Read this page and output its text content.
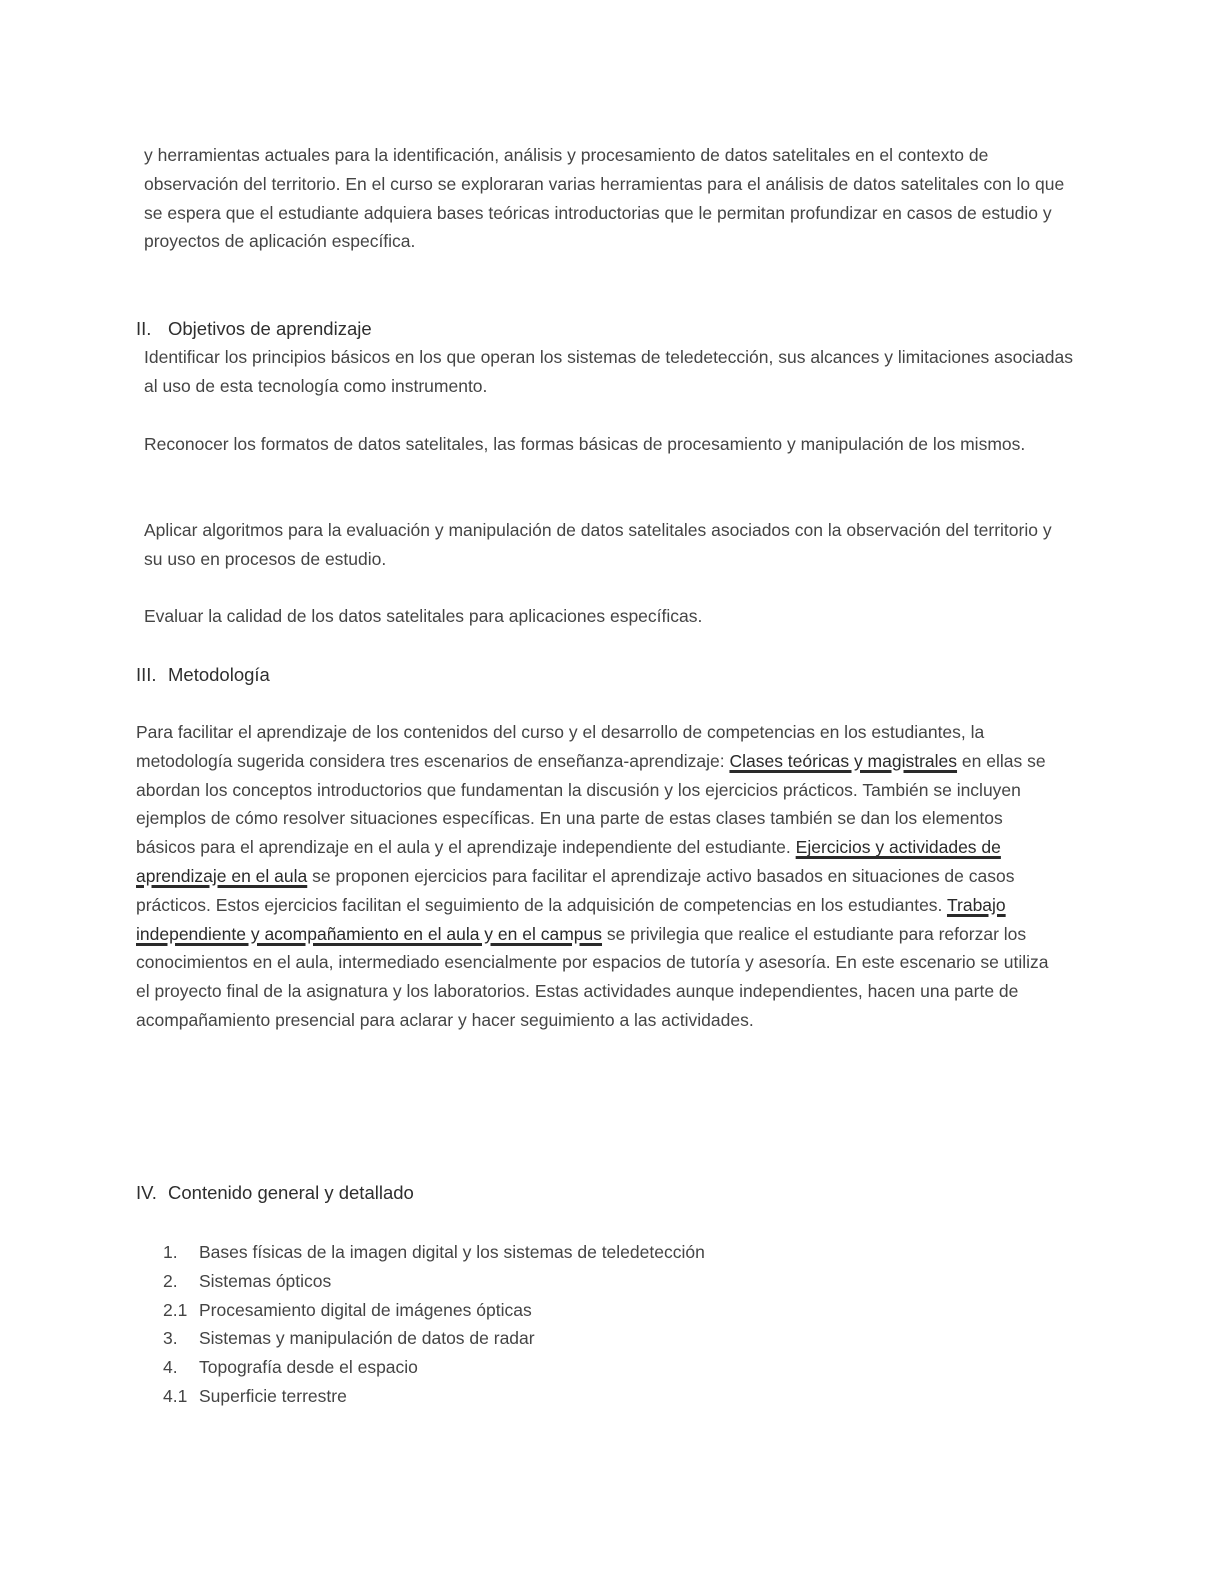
y herramientas actuales para la identificación, análisis y procesamiento de datos satelitales en el contexto de observación del territorio. En el curso se exploraran varias herramientas para el análisis de datos satelitales con lo que se espera que el estudiante adquiera bases teóricas introductorias que le permitan profundizar en casos de estudio y proyectos de aplicación específica.

II. Objetivos de aprendizaje

Identificar los principios básicos en los que operan los sistemas de teledetección, sus alcances y limitaciones asociadas al uso de esta tecnología como instrumento.

Reconocer los formatos de datos satelitales, las formas básicas de procesamiento y manipulación de los mismos.

Aplicar algoritmos para la evaluación y manipulación de datos satelitales asociados con la observación del territorio y su uso en procesos de estudio.

Evaluar la calidad de los datos satelitales para aplicaciones específicas.

III. Metodología

Para facilitar el aprendizaje de los contenidos del curso y el desarrollo de competencias en los estudiantes, la metodología sugerida considera tres escenarios de enseñanza-aprendizaje: Clases teóricas y magistrales en ellas se abordan los conceptos introductorios que fundamentan la discusión y los ejercicios prácticos. También se incluyen ejemplos de cómo resolver situaciones específicas. En una parte de estas clases también se dan los elementos básicos para el aprendizaje en el aula y el aprendizaje independiente del estudiante. Ejercicios y actividades de aprendizaje en el aula se proponen ejercicios para facilitar el aprendizaje activo basados en situaciones de casos prácticos. Estos ejercicios facilitan el seguimiento de la adquisición de competencias en los estudiantes. Trabajo independiente y acompañamiento en el aula y en el campus se privilegia que realice el estudiante para reforzar los conocimientos en el aula, intermediado esencialmente por espacios de tutoría y asesoría. En este escenario se utiliza el proyecto final de la asignatura y los laboratorios. Estas actividades aunque independientes, hacen una parte de acompañamiento presencial para aclarar y hacer seguimiento a las actividades.

IV. Contenido general y detallado
1. Bases físicas de la imagen digital y los sistemas de teledetección
2. Sistemas ópticos
2.1 Procesamiento digital de imágenes ópticas
3. Sistemas y manipulación de datos de radar
4. Topografía desde el espacio
4.1 Superficie terrestre
